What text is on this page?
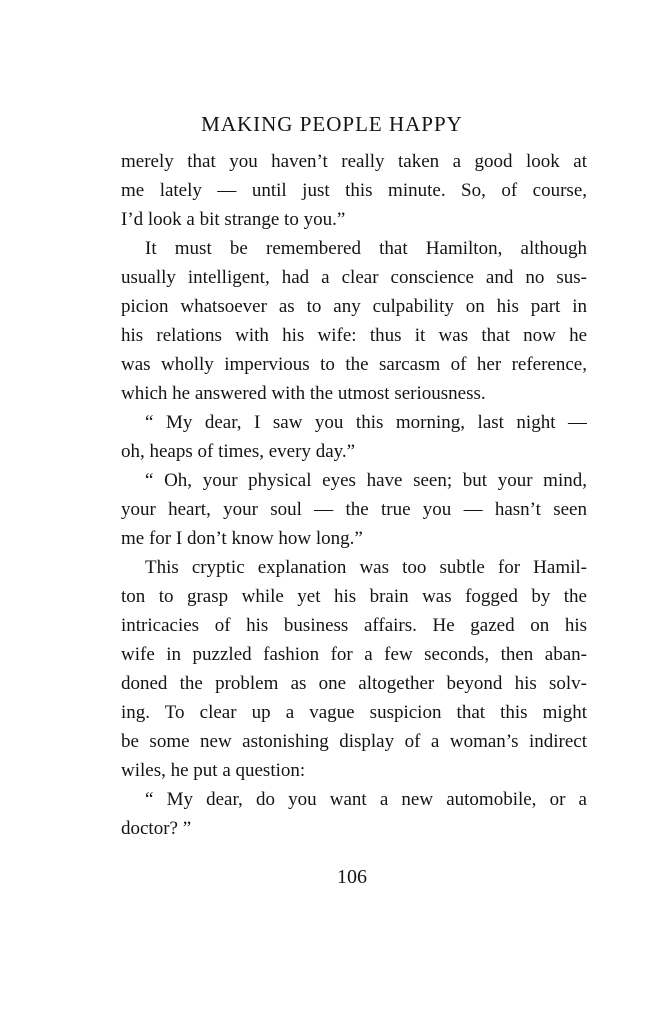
MAKING PEOPLE HAPPY
merely that you haven’t really taken a good look at
me lately — until just this minute. So, of course,
I’d look a bit strange to you.”
It must be remembered that Hamilton, although
usually intelligent, had a clear conscience and no sus-
picion whatsoever as to any culpability on his part in
his relations with his wife: thus it was that now he
was wholly impervious to the sarcasm of her reference,
which he answered with the utmost seriousness.
“ My dear, I saw you this morning, last night —
oh, heaps of times, every day.”
“ Oh, your physical eyes have seen; but your mind,
your heart, your soul — the true you — hasn’t seen
me for I don’t know how long.”
This cryptic explanation was too subtle for Hamil-
ton to grasp while yet his brain was fogged by the
intricacies of his business affairs. He gazed on his
wife in puzzled fashion for a few seconds, then aban-
doned the problem as one altogether beyond his solv-
ing. To clear up a vague suspicion that this might
be some new astonishing display of a woman’s indirect
wiles, he put a question:
“ My dear, do you want a new automobile, or a
doctor? ”
106
